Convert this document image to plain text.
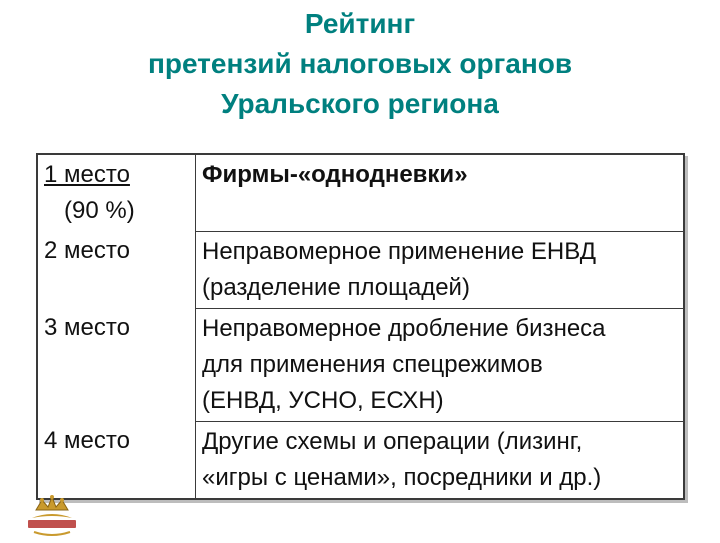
Рейтинг
претензий налоговых органов
Уральского региона
1 место
(90 %)	Фирмы-«однодневки»

2 место	Неправомерное применение ЕНВД
(разделение площадей)

3 место	Неправомерное дробление бизнеса
для применения спецрежимов
(ЕНВД, УСНО, ЕСХН)

4 место	Другие схемы и операции (лизинг,
«игры с ценами», посредники и др.)
